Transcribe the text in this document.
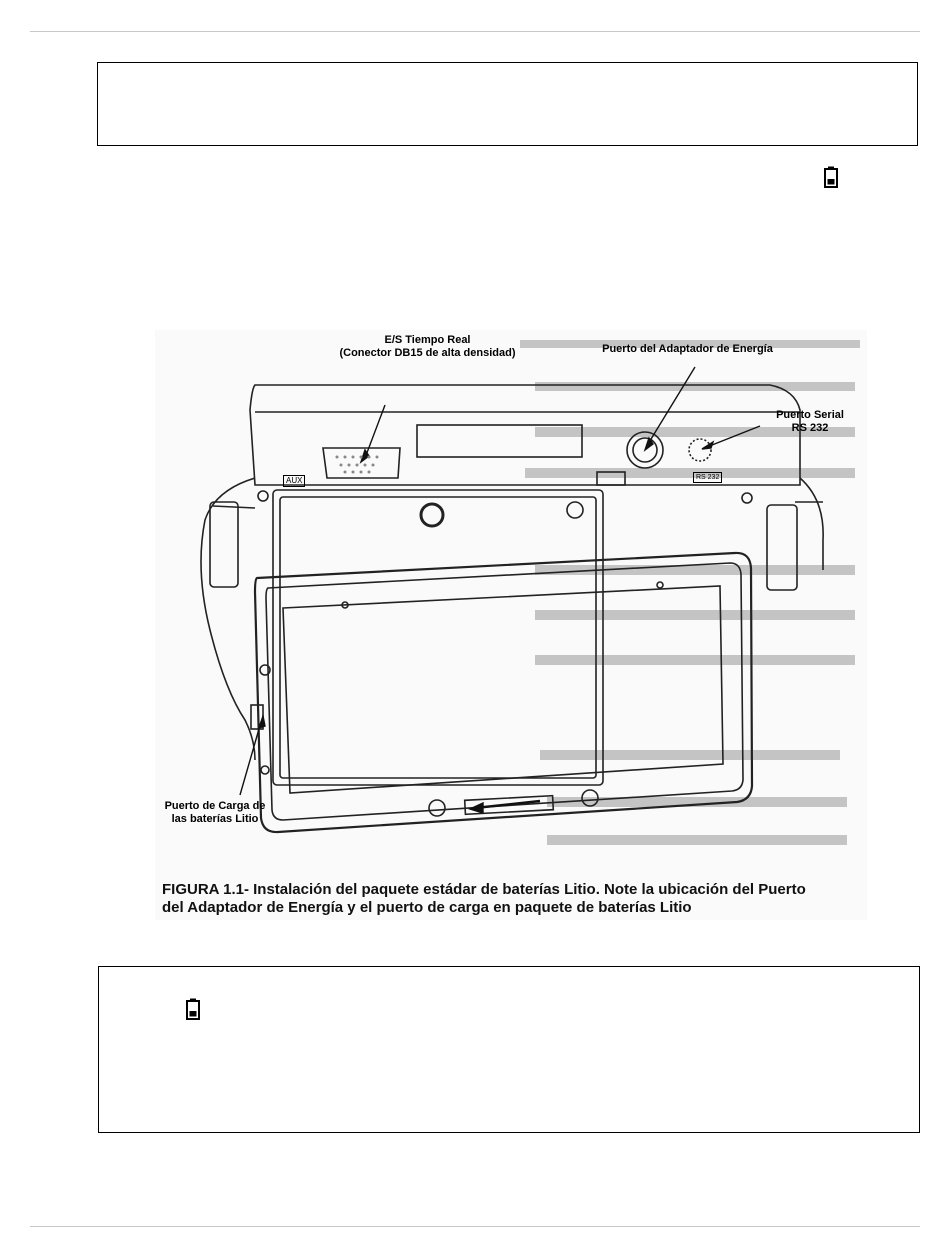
E/S Tiempo Real
(Conector DB15 de alta densidad)	Puerto del Adaptador de Energía
Puerto Serial
RS 232
Puerto de Carga de
las baterías Litio
AUX	RS 232
FIGURA 1.1- Instalación del paquete estádar de baterías Litio. Note la ubicación del Puerto
del Adaptador de Energía y el puerto de carga en paquete de baterías Litio
